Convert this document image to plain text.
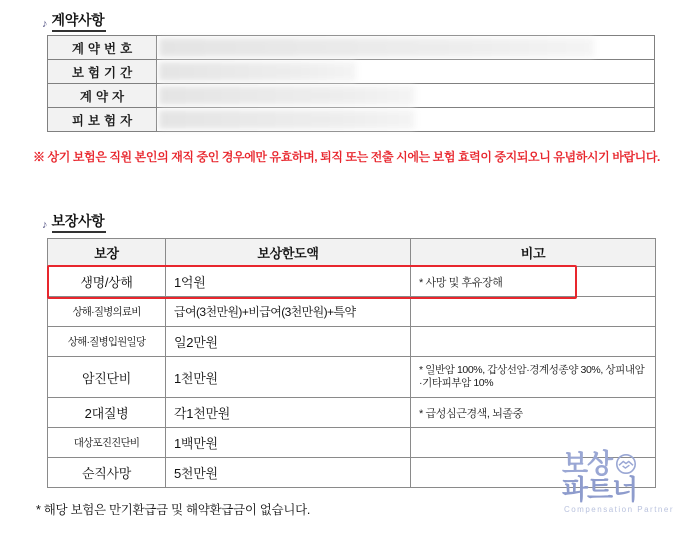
♪ 계약사항
계약번호	

보험기간	

계약자	

피보험자	
※ 상기 보험은 직원 본인의 재직 중인 경우에만 유효하며, 퇴직 또는 전출 시에는 보험 효력이 중지되오니 유념하시기 바랍니다.
♪ 보장사항
보장	보상한도액	비고
생명/상해	1억원	* 사망 및 후유장해
상해·질병의료비	급여(3천만원)+비급여(3천만원)+특약	
상해·질병입원일당	일2만원	
암진단비	1천만원	* 일반암 100%, 갑상선암·경계성종양 30%, 상피내암·기타피부암 10%
2대질병	각1천만원	* 급성심근경색, 뇌졸중
대상포진진단비	1백만원	
순직사망	5천만원	
* 해당 보험은 만기환급금 및 해약환급금이 없습니다.
보상
파트너
Compensation Partner
